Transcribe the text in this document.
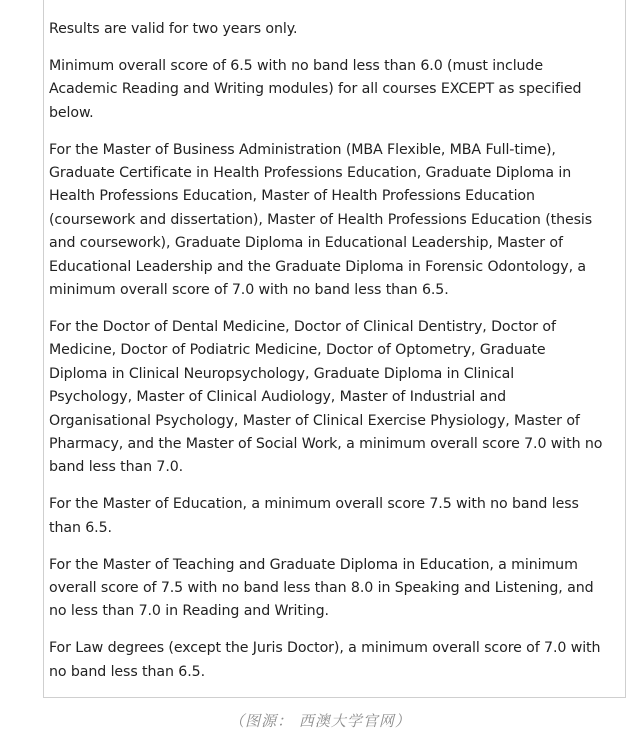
Results are valid for two years only.

Minimum overall score of 6.5 with no band less than 6.0 (must include
Academic Reading and Writing modules) for all courses EXCEPT as specified
below.

For the Master of Business Administration (MBA Flexible, MBA Full-time),
Graduate Certificate in Health Professions Education, Graduate Diploma in
Health Professions Education, Master of Health Professions Education
(coursework and dissertation), Master of Health Professions Education (thesis
and coursework), Graduate Diploma in Educational Leadership, Master of
Educational Leadership and the Graduate Diploma in Forensic Odontology, a
minimum overall score of 7.0 with no band less than 6.5.

For the Doctor of Dental Medicine, Doctor of Clinical Dentistry, Doctor of
Medicine, Doctor of Podiatric Medicine, Doctor of Optometry, Graduate
Diploma in Clinical Neuropsychology, Graduate Diploma in Clinical
Psychology, Master of Clinical Audiology, Master of Industrial and
Organisational Psychology, Master of Clinical Exercise Physiology, Master of
Pharmacy, and the Master of Social Work, a minimum overall score 7.0 with no
band less than 7.0.

For the Master of Education, a minimum overall score 7.5 with no band less
than 6.5.

For the Master of Teaching and Graduate Diploma in Education, a minimum
overall score of 7.5 with no band less than 8.0 in Speaking and Listening, and
no less than 7.0 in Reading and Writing.

For Law degrees (except the Juris Doctor), a minimum overall score of 7.0 with
no band less than 6.5.

（图源： 西澳大学官网）
